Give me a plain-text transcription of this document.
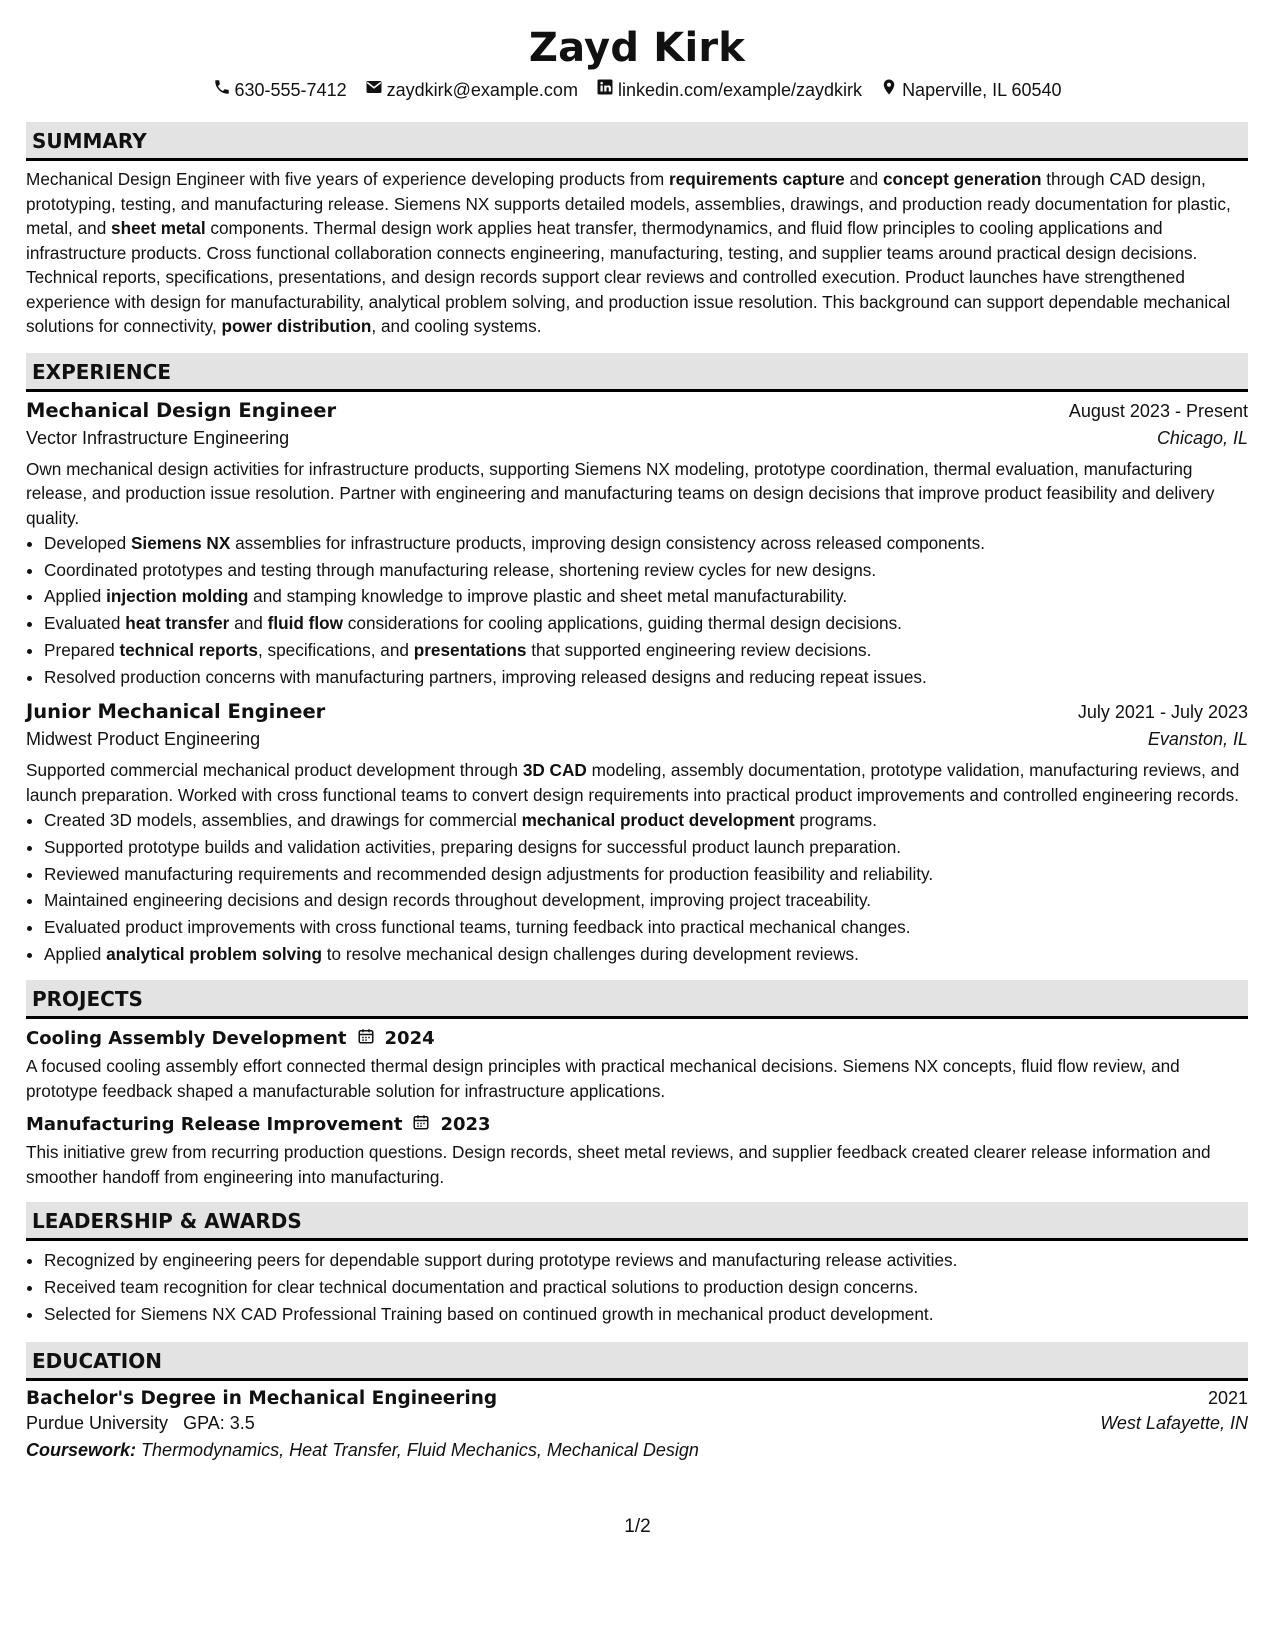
Zayd Kirk
630-555-7412 zaydkirk@example.com linkedin.com/example/zaydkirk Naperville, IL 60540
SUMMARY

Mechanical Design Engineer with five years of experience developing products from requirements capture and concept generation through CAD design, prototyping, testing, and manufacturing release. Siemens NX supports detailed models, assemblies, drawings, and production ready documentation for plastic, metal, and sheet metal components. Thermal design work applies heat transfer, thermodynamics, and fluid flow principles to cooling applications and infrastructure products. Cross functional collaboration connects engineering, manufacturing, testing, and supplier teams around practical design decisions. Technical reports, specifications, presentations, and design records support clear reviews and controlled execution. Product launches have strengthened experience with design for manufacturability, analytical problem solving, and production issue resolution. This background can support dependable mechanical solutions for connectivity, power distribution, and cooling systems.

EXPERIENCE
Mechanical Design Engineer	August 2023 - Present
Vector Infrastructure Engineering	Chicago, IL

Own mechanical design activities for infrastructure products, supporting Siemens NX modeling, prototype coordination, thermal evaluation, manufacturing release, and production issue resolution. Partner with engineering and manufacturing teams on design decisions that improve product feasibility and delivery quality.

• Developed Siemens NX assemblies for infrastructure products, improving design consistency across released components.
• Coordinated prototypes and testing through manufacturing release, shortening review cycles for new designs.
• Applied injection molding and stamping knowledge to improve plastic and sheet metal manufacturability.
• Evaluated heat transfer and fluid flow considerations for cooling applications, guiding thermal design decisions.
• Prepared technical reports, specifications, and presentations that supported engineering review decisions.
• Resolved production concerns with manufacturing partners, improving released designs and reducing repeat issues.
Junior Mechanical Engineer	July 2021 - July 2023
Midwest Product Engineering	Evanston, IL

Supported commercial mechanical product development through 3D CAD modeling, assembly documentation, prototype validation, manufacturing reviews, and launch preparation. Worked with cross functional teams to convert design requirements into practical product improvements and controlled engineering records.

• Created 3D models, assemblies, and drawings for commercial mechanical product development programs.
• Supported prototype builds and validation activities, preparing designs for successful product launch preparation.
• Reviewed manufacturing requirements and recommended design adjustments for production feasibility and reliability.
• Maintained engineering decisions and design records throughout development, improving project traceability.
• Evaluated product improvements with cross functional teams, turning feedback into practical mechanical changes.
• Applied analytical problem solving to resolve mechanical design challenges during development reviews.
PROJECTS
Cooling Assembly Development 2024

A focused cooling assembly effort connected thermal design principles with practical mechanical decisions. Siemens NX concepts, fluid flow review, and prototype feedback shaped a manufacturable solution for infrastructure applications.

Manufacturing Release Improvement 2023

This initiative grew from recurring production questions. Design records, sheet metal reviews, and supplier feedback created clearer release information and smoother handoff from engineering into manufacturing.

LEADERSHIP & AWARDS
• Recognized by engineering peers for dependable support during prototype reviews and manufacturing release activities.
• Received team recognition for clear technical documentation and practical solutions to production design concerns.
• Selected for Siemens NX CAD Professional Training based on continued growth in mechanical product development.
EDUCATION
Bachelor's Degree in Mechanical Engineering	2021
Purdue University GPA: 3.5	West Lafayette, IN
Coursework: Thermodynamics, Heat Transfer, Fluid Mechanics, Mechanical Design
1/2
